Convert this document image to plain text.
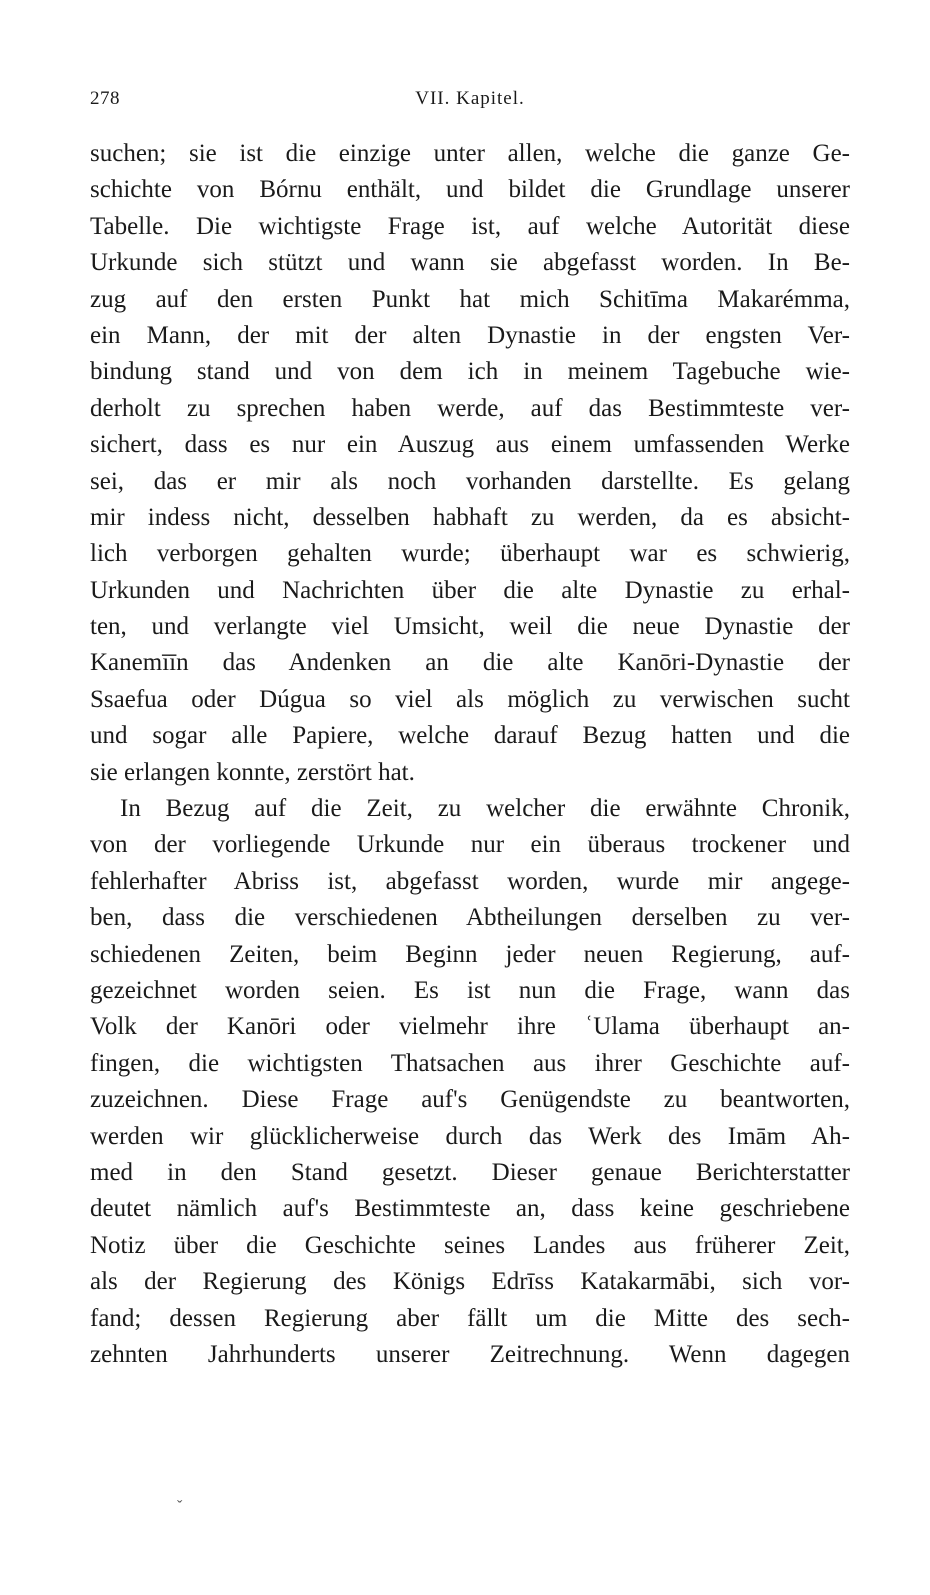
278	VII. Kapitel.
suchen; sie ist die einzige unter allen, welche die ganze Ge-
schichte von Bórnu enthält, und bildet die Grundlage unserer
Tabelle. Die wichtigste Frage ist, auf welche Autorität diese
Urkunde sich stützt und wann sie abgefasst worden. In Be-
zug auf den ersten Punkt hat mich Schitīma Makarémma,
ein Mann, der mit der alten Dynastie in der engsten Ver-
bindung stand und von dem ich in meinem Tagebuche wie-
derholt zu sprechen haben werde, auf das Bestimmteste ver-
sichert, dass es nur ein Auszug aus einem umfassenden Werke
sei, das er mir als noch vorhanden darstellte. Es gelang
mir indess nicht, desselben habhaft zu werden, da es absicht-
lich verborgen gehalten wurde; überhaupt war es schwierig,
Urkunden und Nachrichten über die alte Dynastie zu erhal-
ten, und verlangte viel Umsicht, weil die neue Dynastie der
Kanemīīn das Andenken an die alte Kanōri-Dynastie der
Ssaefua oder Dúgua so viel als möglich zu verwischen sucht
und sogar alle Papiere, welche darauf Bezug hatten und die
sie erlangen konnte, zerstört hat.
In Bezug auf die Zeit, zu welcher die erwähnte Chronik,
von der vorliegende Urkunde nur ein überaus trockener und
fehlerhafter Abriss ist, abgefasst worden, wurde mir angege-
ben, dass die verschiedenen Abtheilungen derselben zu ver-
schiedenen Zeiten, beim Beginn jeder neuen Regierung, auf-
gezeichnet worden seien. Es ist nun die Frage, wann das
Volk der Kanōri oder vielmehr ihre ʿUlama überhaupt an-
fingen, die wichtigsten Thatsachen aus ihrer Geschichte auf-
zuzeichnen. Diese Frage auf's Genügendste zu beantworten,
werden wir glücklicherweise durch das Werk des Imām Ah-
med in den Stand gesetzt. Dieser genaue Berichterstatter
deutet nämlich auf's Bestimmteste an, dass keine geschriebene
Notiz über die Geschichte seines Landes aus früherer Zeit,
als der Regierung des Königs Edrīss Katakarmābi, sich vor-
fand; dessen Regierung aber fällt um die Mitte des sech-
zehnten Jahrhunderts unserer Zeitrechnung. Wenn dagegen
ˇ
